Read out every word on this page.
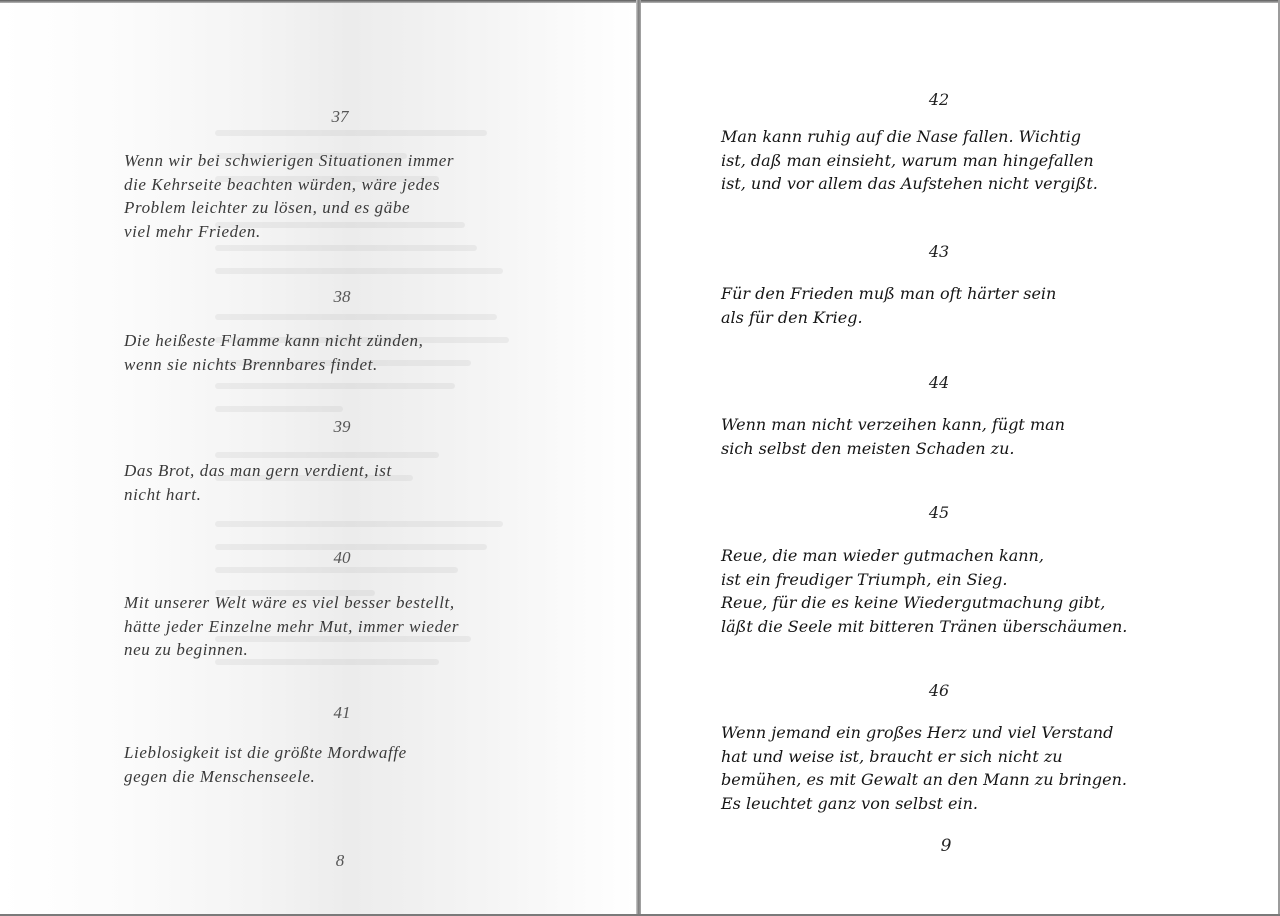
37
Wenn wir bei schwierigen Situationen immer
die Kehrseite beachten würden, wäre jedes
Problem leichter zu lösen, und es gäbe
viel mehr Frieden.
38
Die heißeste Flamme kann nicht zünden,
wenn sie nichts Brennbares findet.
39
Das Brot, das man gern verdient, ist
nicht hart.
40
Mit unserer Welt wäre es viel besser bestellt,
hätte jeder Einzelne mehr Mut, immer wieder
neu zu beginnen.
41
Lieblosigkeit ist die größte Mordwaffe
gegen die Menschenseele.
8
42
Man kann ruhig auf die Nase fallen. Wichtig
ist, daß man einsieht, warum man hingefallen
ist, und vor allem das Aufstehen nicht vergißt.
43
Für den Frieden muß man oft härter sein
als für den Krieg.
44
Wenn man nicht verzeihen kann, fügt man
sich selbst den meisten Schaden zu.
45
Reue, die man wieder gutmachen kann,
ist ein freudiger Triumph, ein Sieg.
Reue, für die es keine Wiedergutmachung gibt,
läßt die Seele mit bitteren Tränen überschäumen.
46
Wenn jemand ein großes Herz und viel Verstand
hat und weise ist, braucht er sich nicht zu
bemühen, es mit Gewalt an den Mann zu bringen.
Es leuchtet ganz von selbst ein.
9
